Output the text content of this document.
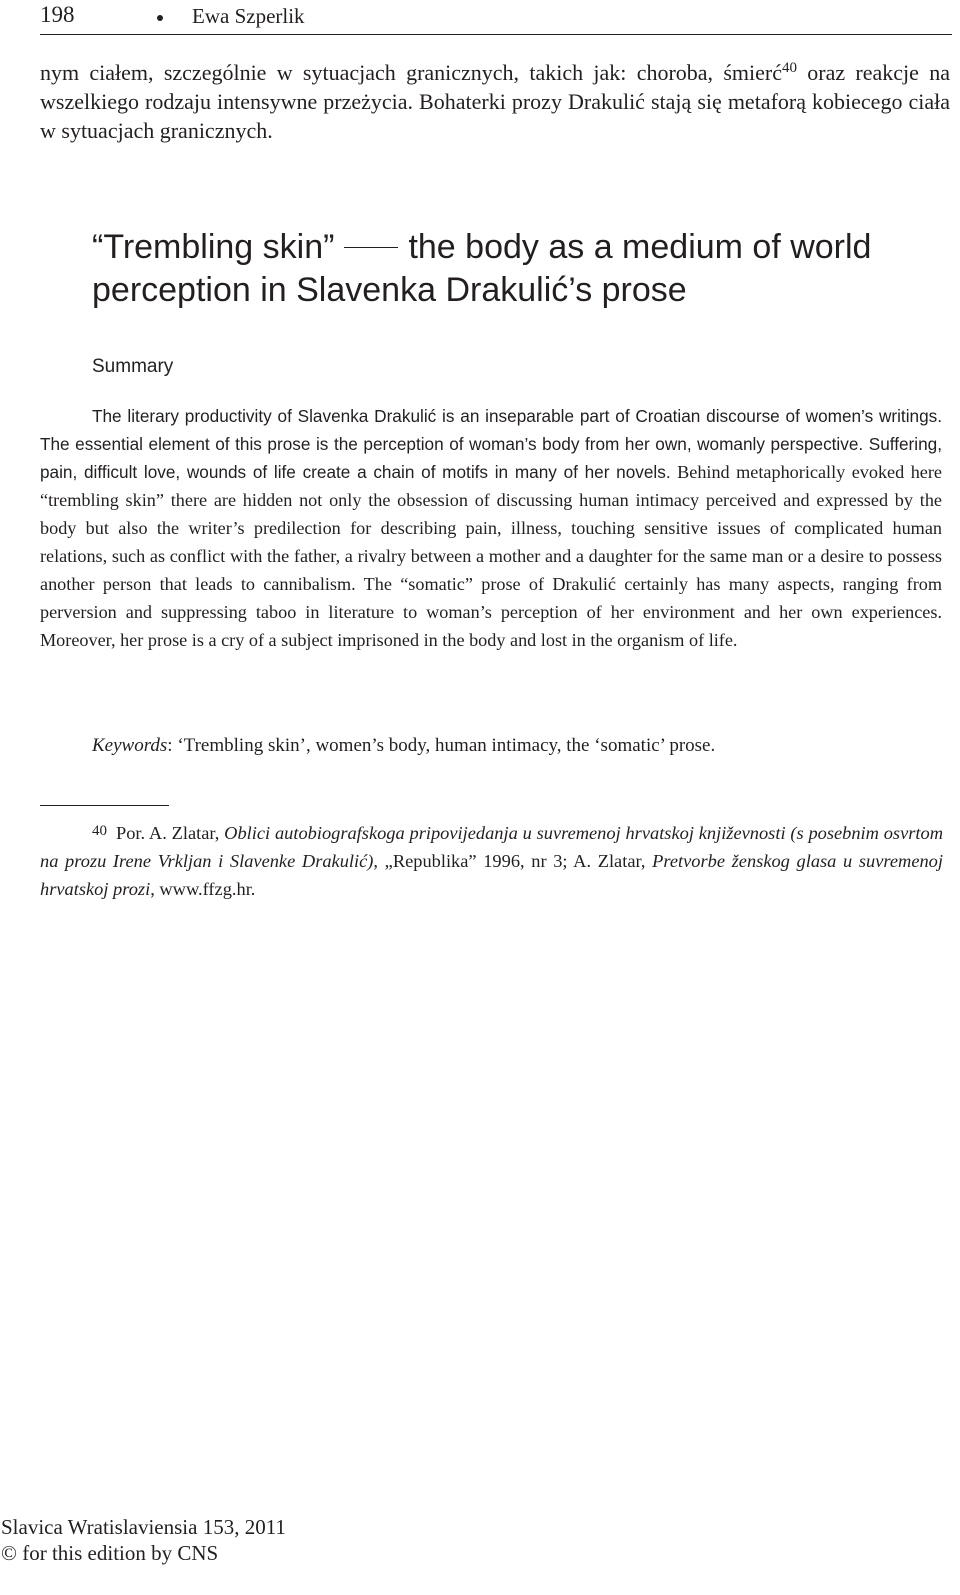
198	Ewa Szperlik

nym ciałem, szczególnie w sytuacjach granicznych, takich jak: choroba, śmierć$^{40}$ oraz reakcje na wszelkiego rodzaju intensywne przeżycia. Bohaterki prozy Drakulić stają się metaforą kobiecego ciała w sytuacjach granicznych.

“Trembling skin” the body as a medium of world perception in Slavenka Drakulić’s prose
Summary

The literary productivity of Slavenka Drakulić is an inseparable part of Croatian discourse of women’s writings. The essential element of this prose is the perception of woman’s body from her own, womanly perspective. Suffering, pain, difficult love, wounds of life create a chain of motifs in many of her novels. Behind metaphorically evoked here “trembling skin” there are hidden not only the obsession of discussing human intimacy perceived and expressed by the body but also the writer’s predilection for describing pain, illness, touching sensitive issues of complicated human relations, such as conflict with the father, a rivalry between a mother and a daughter for the same man or a desire to possess another person that leads to cannibalism. The “somatic” prose of Drakulić certainly has many aspects, ranging from perversion and suppressing taboo in literature to woman’s perception of her environment and her own experiences. Moreover, her prose is a cry of a subject imprisoned in the body and lost in the organism of life.

Keywords: ‘Trembling skin’, women’s body, human intimacy, the ‘somatic’ prose.

$^{40}$ Por. A. Zlatar, Oblici autobiografskoga pripovijedanja u suvremenoj hrvatskoj književnosti (s posebnim osvrtom na prozu Irene Vrkljan i Slavenke Drakulić), „Republika” 1996, nr 3; A. Zlatar, Pretvorbe ženskog glasa u suvremenoj hrvatskoj prozi, www.ffzg.hr.

Slavica Wratislaviensia 153, 2011
© for this edition by CNS
